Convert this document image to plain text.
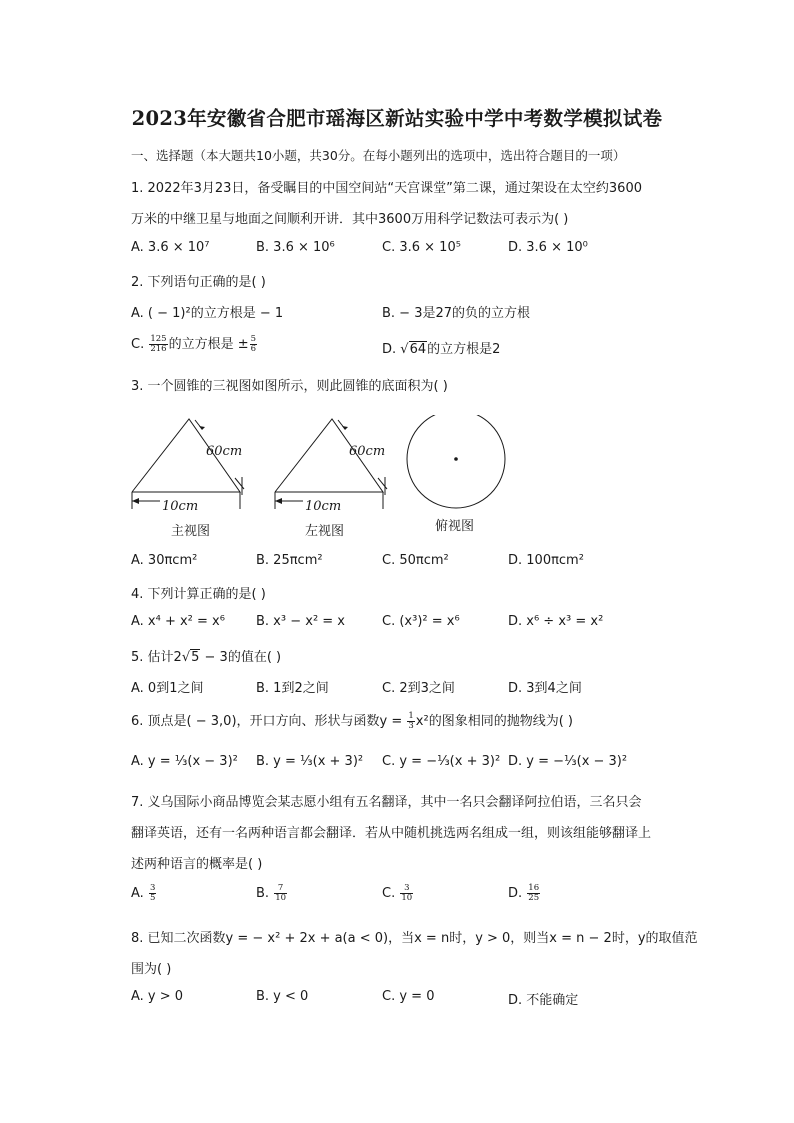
2023年安徽省合肥市瑶海区新站实验中学中考数学模拟试卷
一、选择题（本大题共10小题，共30分。在每小题列出的选项中，选出符合题目的一项）
1. 2022年3月23日，备受瞩目的中国空间站“天宫课堂”第二课，通过架设在太空约3600
万米的中继卫星与地面之间顺利开讲．其中3600万用科学记数法可表示为( )
A. 3.6 × 10⁷	B. 3.6 × 10⁶	C. 3.6 × 10⁵	D. 3.6 × 10⁰
2. 下列语句正确的是( )
A. ( − 1)²的立方根是 − 1	B. − 3是27的负的立方根
C. $\frac{125}{216}$ 的立方根是 ± $\frac{5}{6}$	D. √64的立方根是2
3. 一个圆锥的三视图如图所示，则此圆锥的底面积为( )
60cm
10cm
60cm
10cm
主视图	左视图	俯视图
A. 30πcm²	B. 25πcm²	C. 50πcm²	D. 100πcm²
4. 下列计算正确的是( )
A. x⁴ + x² = x⁶ B. x³ − x² = x	C. (x³)² = x⁶	D. x⁶ ÷ x³ = x²
5. 估计2√5 − 3的值在( )
A. 0到1之间	B. 1到2之间	C. 2到3之间	D. 3到4之间
6. 顶点是( − 3,0)，开口方向、形状与函数$y = \frac{1}{3} x^2$的图象相同的抛物线为( )
A. y = ⅓(x − 3)² B. y = ⅓(x + 3)² C. y = −⅓(x + 3)² D. y = −⅓(x − 3)²
7. 义乌国际小商品博览会某志愿小组有五名翻译，其中一名只会翻译阿拉伯语，三名只会
翻译英语，还有一名两种语言都会翻译．若从中随机挑选两名组成一组，则该组能够翻译上
述两种语言的概率是( )
A. $\frac{3}{5}$	B. $\frac{7}{10}$	C. $\frac{3}{10}$	D. $\frac{16}{25}$
8. 已知二次函数y = − x² + 2x + a(a < 0)，当x = n时，y > 0，则当x = n − 2时，y的取值范
围为( )
A. y > 0	B. y < 0	C. y = 0	D. 不能确定
